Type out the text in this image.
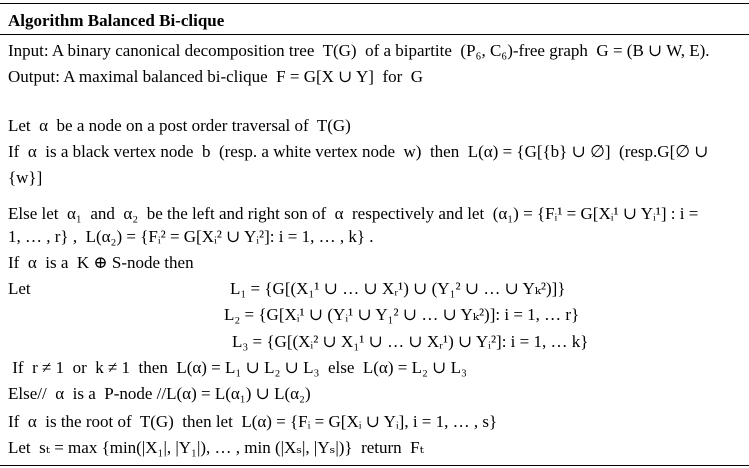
Algorithm Balanced Bi-clique
Input: A binary canonical decomposition tree  T(G)  of a bipartite  (P₆, C₆)-free graph  G = (B ∪ W, E).
Output: A maximal balanced bi-clique  F = G[X ∪ Y]  for  G
Let  α  be a node on a post order traversal of  T(G)
If  α  is a black vertex node  b  (resp. a white vertex node  w)  then  L(α) = {G[{b} ∪ ∅]  (resp.G[∅ ∪
{w}]
Else let  α₁  and  α₂  be the left and right son of  α  respectively and let  (α₁) = {Fᵢ¹ = G[Xᵢ¹ ∪ Yᵢ¹] : i =
1, … , r} ,  L(α₂) = {Fᵢ² = G[Xᵢ² ∪ Yᵢ²]: i = 1, … , k} .
If  α  is a  K ⊕ S-node then
Let	L₁ = {G[(X₁¹ ∪ … ∪ Xᵣ¹) ∪ (Y₁² ∪ … ∪ Yₖ²)]}
L₂ = {G[Xᵢ¹ ∪ (Yᵢ¹ ∪ Y₁² ∪ … ∪ Yₖ²)]: i = 1, … r}
L₃ = {G[(Xᵢ² ∪ X₁¹ ∪ … ∪ Xᵣ¹) ∪ Yᵢ²]: i = 1, … k}
If  r ≠ 1  or  k ≠ 1  then  L(α) = L₁ ∪ L₂ ∪ L₃  else  L(α) = L₂ ∪ L₃
Else//  α  is a  P-node //L(α) = L(α₁) ∪ L(α₂)
If  α  is the root of  T(G)  then let  L(α) = {Fᵢ = G[Xᵢ ∪ Yᵢ], i = 1, … , s}
Let  sₜ = max {min(|X₁|, |Y₁|), … , min (|Xₛ|, |Yₛ|)}  return  Fₜ
